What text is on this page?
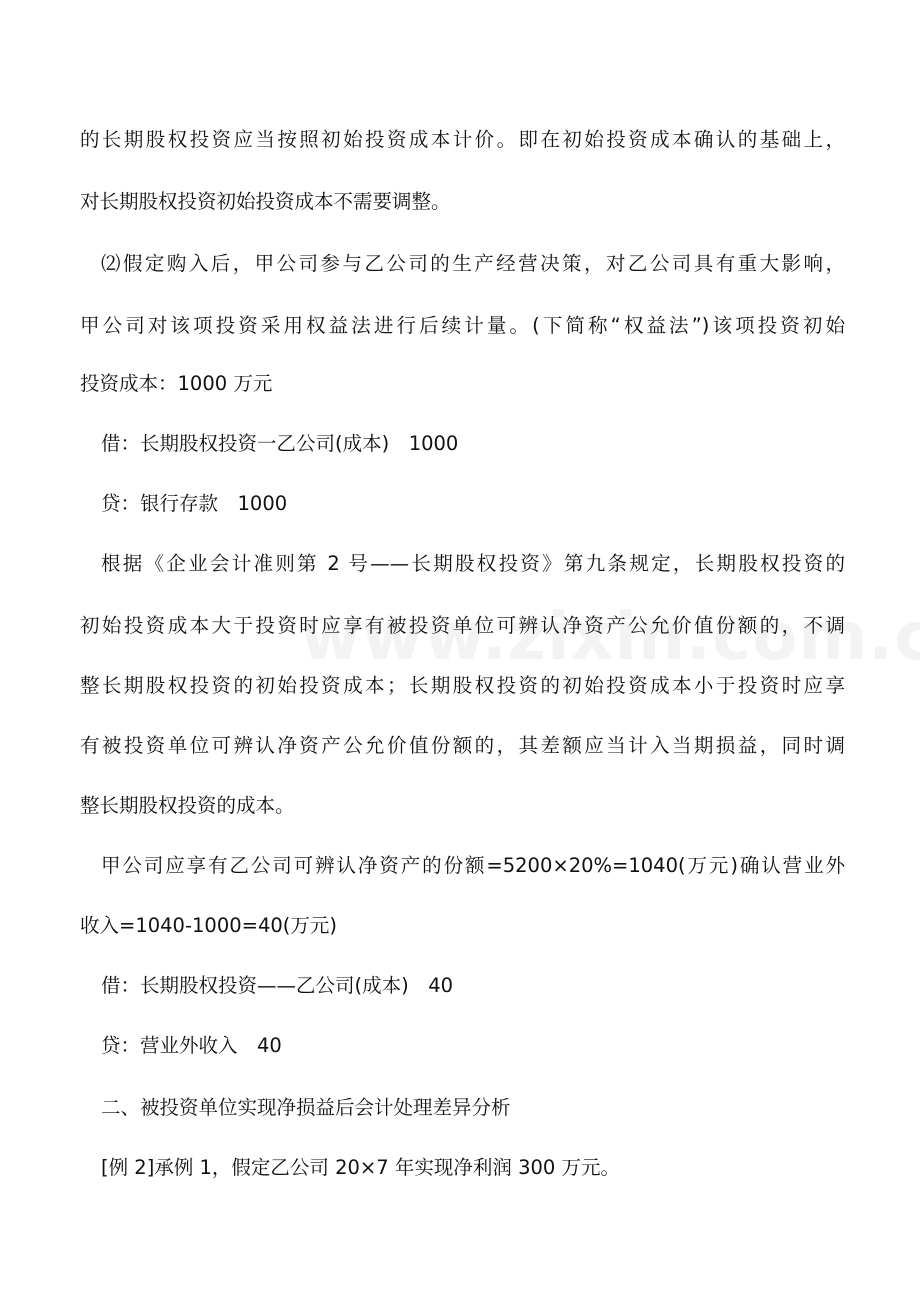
的长期股权投资应当按照初始投资成本计价。即在初始投资成本确认的基础上，
对长期股权投资初始投资成本不需要调整。
⑵假定购入后，甲公司参与乙公司的生产经营决策，对乙公司具有重大影响，
甲公司对该项投资采用权益法进行后续计量。(下简称“权益法”)该项投资初始
投资成本：1000 万元
借：长期股权投资一乙公司(成本)　1000
贷：银行存款　1000
根据《企业会计准则第 2 号——长期股权投资》第九条规定，长期股权投资的
初始投资成本大于投资时应享有被投资单位可辨认净资产公允价值份额的，不调
整长期股权投资的初始投资成本；长期股权投资的初始投资成本小于投资时应享
有被投资单位可辨认净资产公允价值份额的，其差额应当计入当期损益，同时调
整长期股权投资的成本。
甲公司应享有乙公司可辨认净资产的份额=5200×20%=1040(万元)确认营业外
收入=1040-1000=40(万元)
借：长期股权投资——乙公司(成本)　40
贷：营业外收入　40
二、被投资单位实现净损益后会计处理差异分析
[例 2]承例 1，假定乙公司 20×7 年实现净利润 300 万元。
